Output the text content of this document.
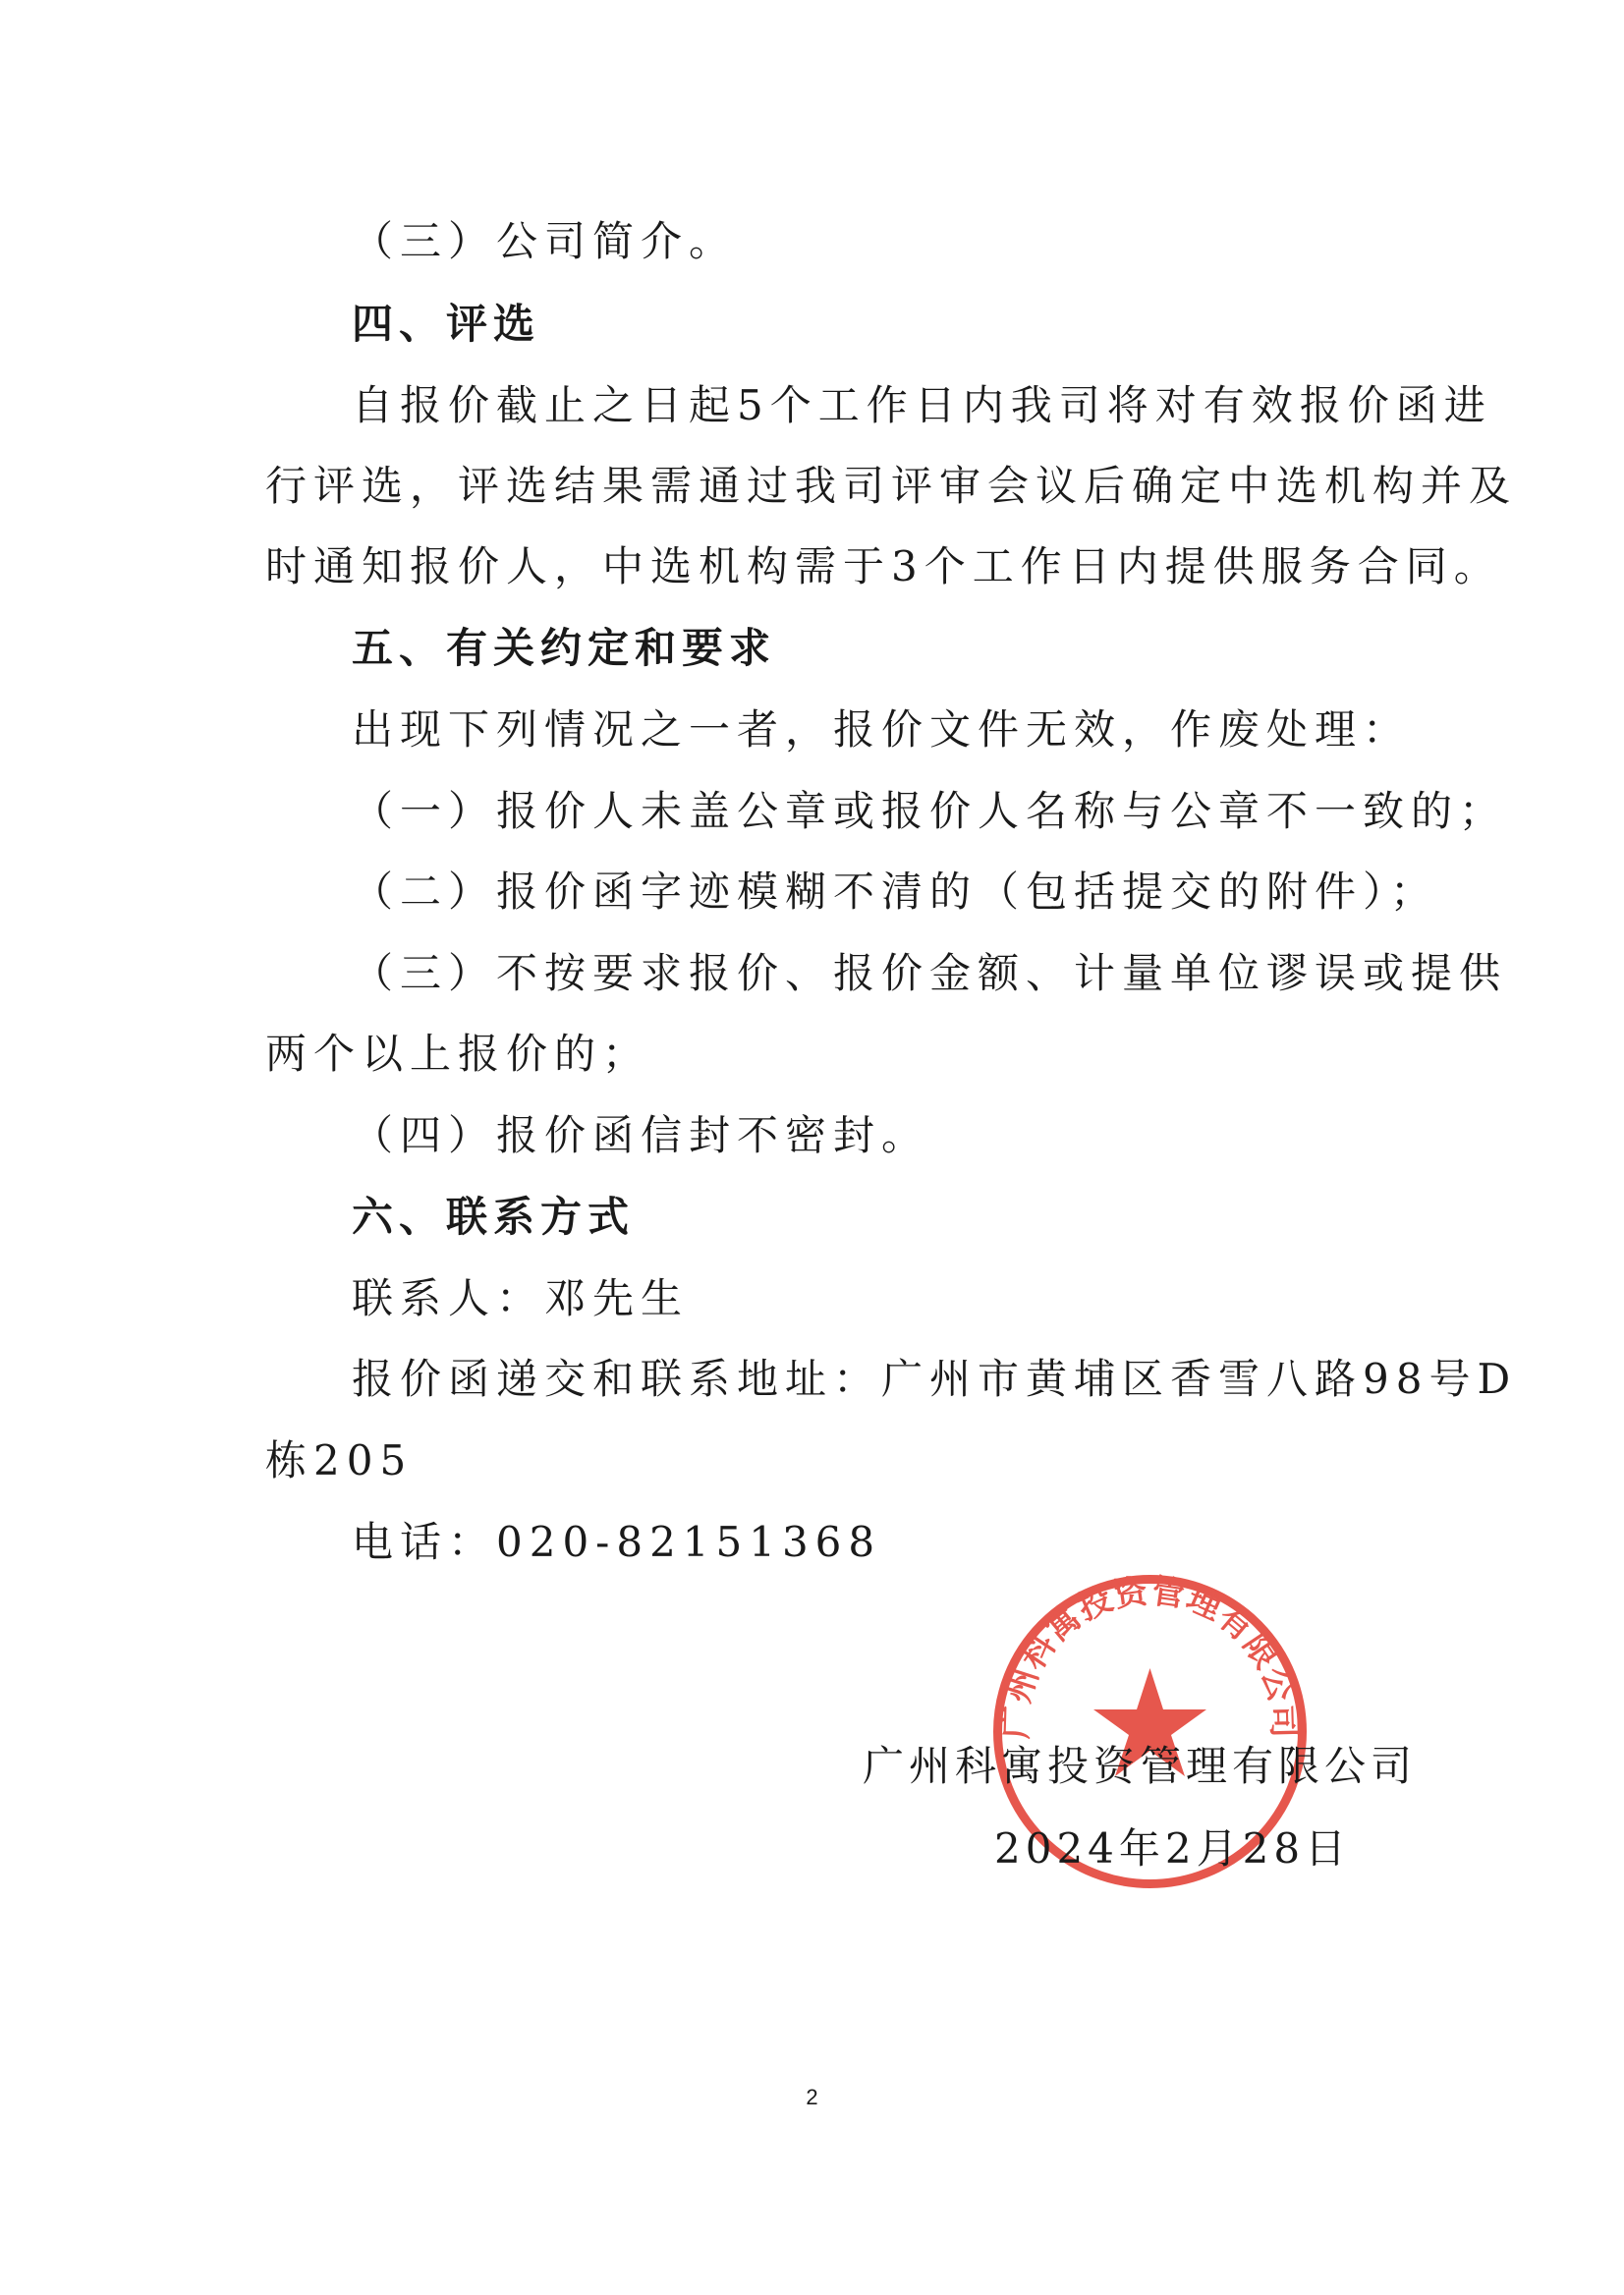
（三）公司简介。
四、评选
自报价截止之日起5个工作日内我司将对有效报价函进
行评选，评选结果需通过我司评审会议后确定中选机构并及
时通知报价人，中选机构需于3个工作日内提供服务合同。
五、有关约定和要求
出现下列情况之一者，报价文件无效，作废处理：
（一）报价人未盖公章或报价人名称与公章不一致的；
（二）报价函字迹模糊不清的（包括提交的附件）；
（三）不按要求报价、报价金额、计量单位谬误或提供
两个以上报价的；
（四）报价函信封不密封。
六、联系方式
联系人：邓先生
报价函递交和联系地址：广州市黄埔区香雪八路98号D
栋205
电话：020-82151368
广州科寓投资管理有限公司
广州科寓投资管理有限公司
2024年2月28日
2
